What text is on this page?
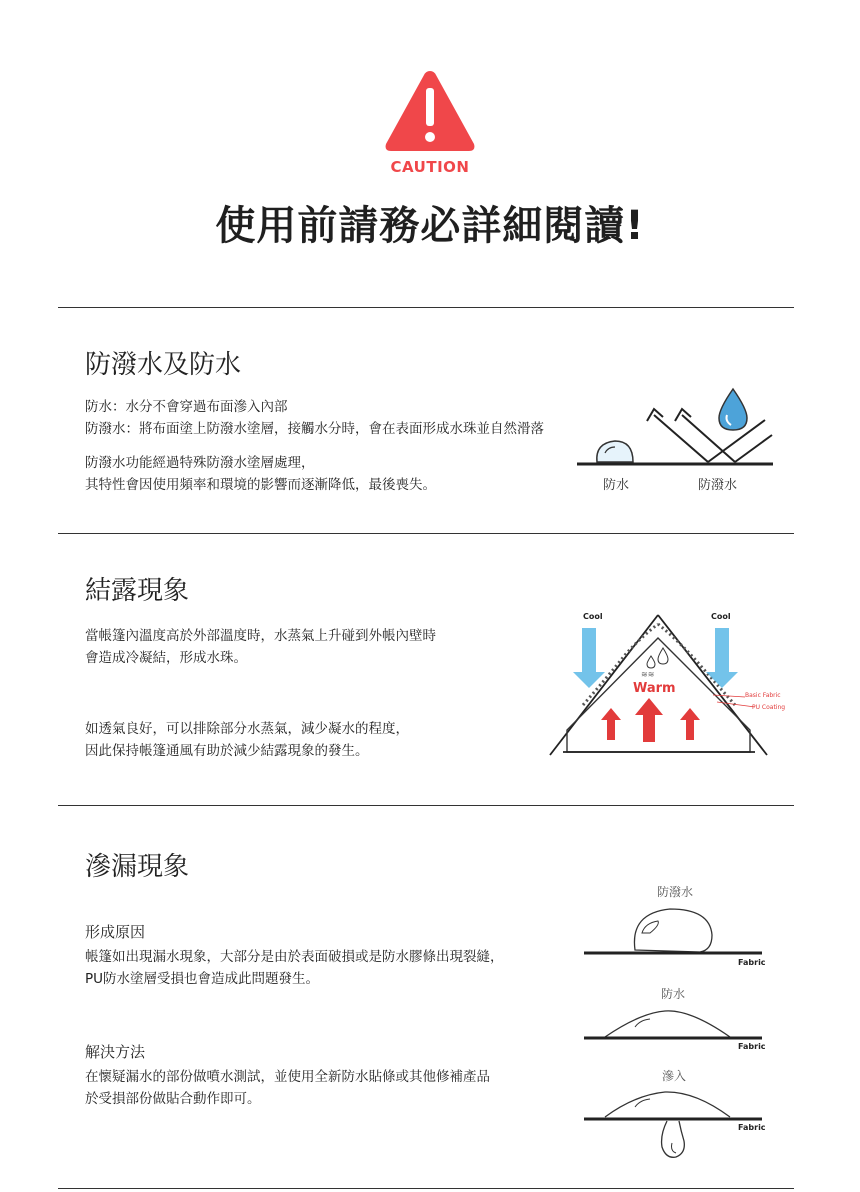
CAUTION
使用前請務必詳細閱讀!
防潑水及防水
防水：水分不會穿過布面滲入內部
防潑水：將布面塗上防潑水塗層，接觸水分時，會在表面形成水珠並自然滑落
防潑水功能經過特殊防潑水塗層處理，
其特性會因使用頻率和環境的影響而逐漸降低，最後喪失。	防水	防潑水
結露現象
當帳篷內溫度高於外部溫度時，水蒸氣上升碰到外帳內壁時
會造成冷凝結，形成水珠。
如透氣良好，可以排除部分水蒸氣，減少凝水的程度，
因此保持帳篷通風有助於減少結露現象的發生。
≋≋
Cool	Cool
Warm	Basic Fabric
PU Coating
滲漏現象
形成原因
帳篷如出現漏水現象，大部分是由於表面破損或是防水膠條出現裂縫，
PU防水塗層受損也會造成此問題發生。
解決方法
在懷疑漏水的部份做噴水測試，並使用全新防水貼條或其他修補產品
於受損部份做貼合動作即可。
防潑水
Fabric
防水
Fabric
滲入
Fabric
